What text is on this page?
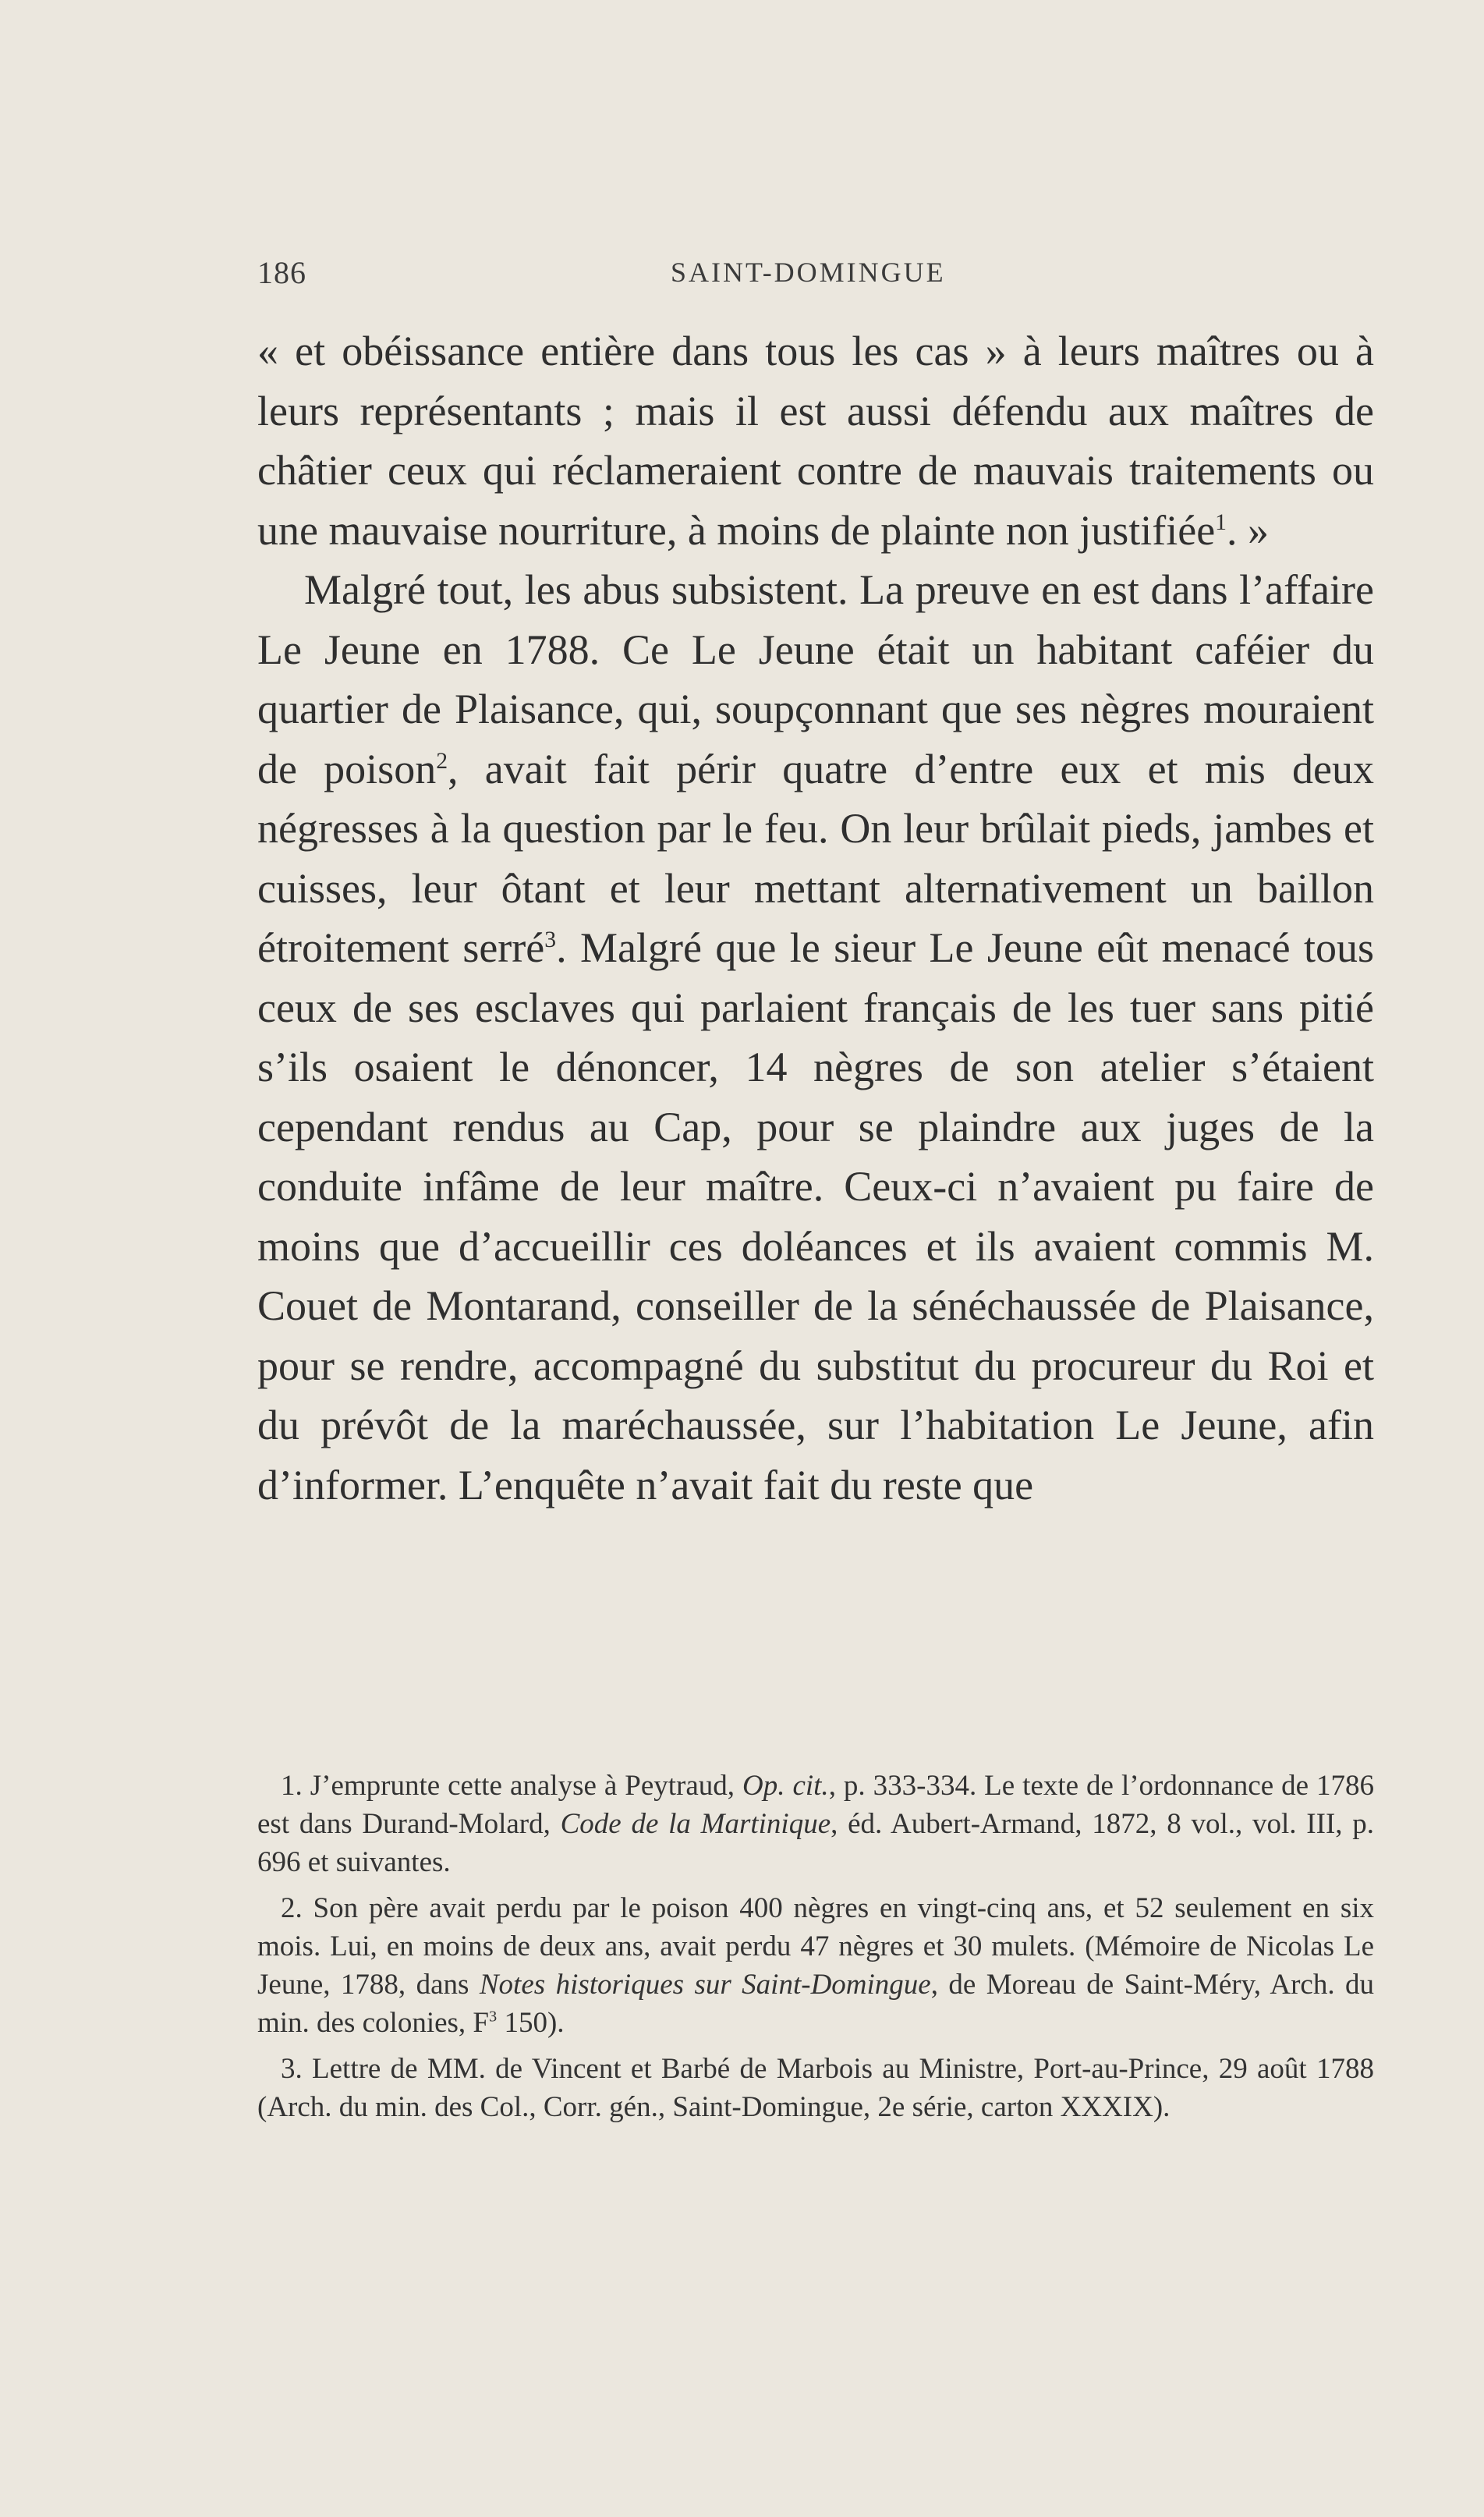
186	SAINT-DOMINGUE

« et obéissance entière dans tous les cas » à leurs maîtres ou à leurs représentants ; mais il est aussi défendu aux maîtres de châtier ceux qui réclameraient contre de mauvais traitements ou une mauvaise nourriture, à moins de plainte non justifiée$^1$. »

Malgré tout, les abus subsistent. La preuve en est dans l’affaire Le Jeune en 1788. Ce Le Jeune était un habitant caféier du quartier de Plaisance, qui, soupçonnant que ses nègres mouraient de poison$^2$, avait fait périr quatre d’entre eux et mis deux négresses à la question par le feu. On leur brûlait pieds, jambes et cuisses, leur ôtant et leur mettant alternativement un baillon étroitement serré$^3$. Malgré que le sieur Le Jeune eût menacé tous ceux de ses esclaves qui parlaient français de les tuer sans pitié s’ils osaient le dénoncer, 14 nègres de son atelier s’étaient cependant rendus au Cap, pour se plaindre aux juges de la conduite infâme de leur maître. Ceux-ci n’avaient pu faire de moins que d’accueillir ces doléances et ils avaient commis M. Couet de Montarand, conseiller de la sénéchaussée de Plaisance, pour se rendre, accompagné du substitut du procureur du Roi et du prévôt de la maréchaussée, sur l’habitation Le Jeune, afin d’informer. L’enquête n’avait fait du reste que

1. J’emprunte cette analyse à Peytraud, Op. cit., p. 333-334. Le texte de l’ordonnance de 1786 est dans Durand-Molard, Code de la Martinique, éd. Aubert-Armand, 1872, 8 vol., vol. III, p. 696 et suivantes.

2. Son père avait perdu par le poison 400 nègres en vingt-cinq ans, et 52 seulement en six mois. Lui, en moins de deux ans, avait perdu 47 nègres et 30 mulets. (Mémoire de Nicolas Le Jeune, 1788, dans Notes historiques sur Saint-Domingue, de Moreau de Saint-Méry, Arch. du min. des colonies, $F^3$ 150).

3. Lettre de MM. de Vincent et Barbé de Marbois au Ministre, Port-au-Prince, 29 août 1788 (Arch. du min. des Col., Corr. gén., Saint-Domingue, 2e série, carton XXXIX).
